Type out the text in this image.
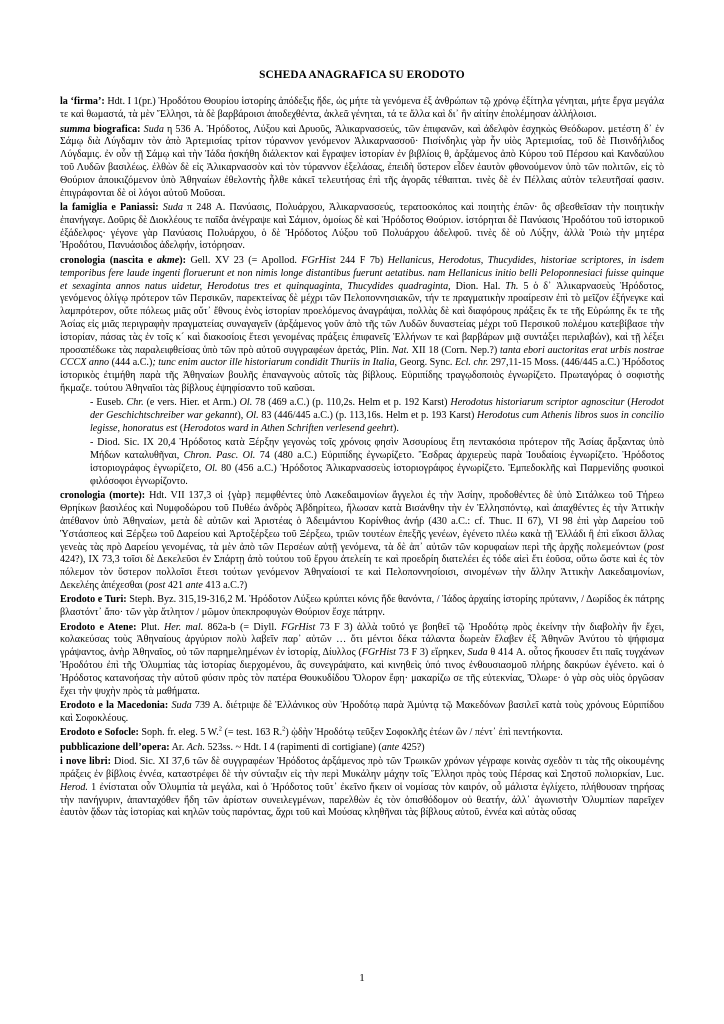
SCHEDA ANAGRAFICA SU ERODOTO

la ‘firma’: Hdt. I 1(pr.) Ἡροδότου Θουρίου ἱστορίης ἀπόδεξις ἥδε, ὡς μήτε τὰ γενόμενα ἐξ ἀνθρώπων τῷ χρόνῳ ἐξίτηλα γένηται, μήτε ἔργα μεγάλα τε καὶ θωμαστά, τὰ μὲν Ἕλλησι, τὰ δὲ βαρβάροισι ἀποδεχθέντα, ἀκλεᾶ γένηται, τά τε ἄλλα καὶ δι᾽ ἣν αἰτίην ἐπολέμησαν ἀλλήλοισι.

summa biografica: Suda η 536 A. Ἡρόδοτος, Λύξου καὶ Δρυοῦς, Ἁλικαρνασσεύς, τῶν ἐπιφανῶν, καὶ ἀδελφὸν ἐσχηκὼς Θεόδωρον. μετέστη δ᾽ ἐν Σάμῳ διὰ Λύγδαμιν τὸν ἀπὸ Ἀρτεμισίας τρίτον τύραννον γενόμενον Ἁλικαρνασσοῦ· Πισίνδηλις γὰρ ἦν υἱὸς Ἀρτεμισίας, τοῦ δὲ Πισινδήλιδος Λύγδαμις. ἐν οὖν τῇ Σάμῳ καὶ τὴν Ἰάδα ἠσκήθη διάλεκτον καὶ ἔγραψεν ἱστορίαν ἐν βιβλίοις θ, ἀρξάμενος ἀπὸ Κύρου τοῦ Πέρσου καὶ Κανδαύλου τοῦ Λυδῶν βασιλέως. ἐλθὼν δὲ εἰς Ἁλικαρνασσὸν καὶ τὸν τύραννον ἐξελάσας, ἐπειδὴ ὕστερον εἶδεν ἑαυτὸν φθονούμενον ὑπὸ τῶν πολιτῶν, εἰς τὸ Θούριον ἀποικιζόμενον ὑπὸ Ἀθηναίων ἐθελοντὴς ἦλθε κἀκεῖ τελευτήσας ἐπὶ τῆς ἀγορᾶς τέθαπται. τινὲς δὲ ἐν Πέλλαις αὐτὸν τελευτῆσαί φασιν. ἐπιγράφονται δὲ οἱ λόγοι αὐτοῦ Μοῦσαι.

la famiglia e Paniassi: Suda π 248 A. Πανύασις, Πολυάρχου, Ἁλικαρνασσεύς, τερατοσκόπος καὶ ποιητὴς ἐπῶν· ὃς σβεσθεῖσαν τὴν ποιητικὴν ἐπανήγαγε. Δοῦρις δὲ Διοκλέους τε παῖδα ἀνέγραψε καὶ Σάμιον, ὁμοίως δὲ καὶ Ἡρόδοτος Θούριον. ἱστόρηται δὲ Πανύασις Ἡροδότου τοῦ ἱστορικοῦ ἐξάδελφος· γέγονε γὰρ Πανύασις Πολυάρχου, ὁ δὲ Ἡρόδοτος Λύξου τοῦ Πολυάρχου ἀδελφοῦ. τινὲς δὲ οὐ Λύξην, ἀλλὰ Ῥοιὼ τὴν μητέρα Ἡροδότου, Πανυάσιδος ἀδελφήν, ἱστόρησαν.

cronologia (nascita e akme): Gell. XV 23 (= Apollod. FGrHist 244 F 7b) Hellanicus, Herodotus, Thucydides, historiae scriptores, in isdem temporibus fere laude ingenti floruerunt et non nimis longe distantibus fuerunt aetatibus. nam Hellanicus initio belli Peloponnesiaci fuisse quinque et sexaginta annos natus uidetur, Herodotus tres et quinquaginta, Thucydides quadraginta, Dion. Hal. Th. 5 ὁ δ᾽ Ἁλικαρνασεὺς Ἡρόδοτος, γενόμενος ὀλίγῳ πρότερον τῶν Περσικῶν, παρεκτείνας δὲ μέχρι τῶν Πελοποννησιακῶν, τήν τε πραγματικὴν προαίρεσιν ἐπὶ τὸ μεῖζον ἐξήνεγκε καὶ λαμπρότερον, οὔτε πόλεως μιᾶς οὔτ᾽ ἔθνους ἑνὸς ἱστορίαν προελόμενος ἀναγράψαι, πολλὰς δὲ καὶ διαφόρους πράξεις ἔκ τε τῆς Εὐρώπης ἔκ τε τῆς Ἀσίας εἰς μιᾶς περιγραφὴν πραγματείας συναγαγεῖν (ἀρξάμενος γοῦν ἀπὸ τῆς τῶν Λυδῶν δυναστείας μέχρι τοῦ Περσικοῦ πολέμου κατεβίβασε τὴν ἱστορίαν, πάσας τὰς ἐν τοῖς κ´ καὶ διακοσίοις ἔτεσι γενομένας πράξεις ἐπιφανεῖς Ἑλλήνων τε καὶ βαρβάρων μιᾷ συντάξει περιλαβών), καὶ τῇ λέξει προσαπέδωκε τὰς παραλειφθείσας ὑπὸ τῶν πρὸ αὐτοῦ συγγραφέων ἀρετάς, Plin. Nat. XII 18 (Corn. Nep.?) tanta ebori auctoritas erat urbis nostrae CCCX anno (444 a.C.); tunc enim auctor ille historiarum condidit Thuriis in Italia, Georg. Sync. Ecl. chr. 297,11-15 Moss. (446/445 a.C.) Ἡρόδοτος ἱστορικὸς ἐτιμήθη παρὰ τῆς Ἀθηναίων βουλῆς ἐπαναγνοὺς αὐτοῖς τὰς βίβλους. Εὐριπίδης τραγῳδοποιὸς ἐγνωρίζετο. Πρωταγόρας ὁ σοφιστὴς ἤκμαζε. τούτου Ἀθηναῖοι τὰς βίβλους ἐψηφίσαντο τοῦ καῦσαι.

- Euseb. Chr. (e vers. Hier. et Arm.) Ol. 78 (469 a.C.) (p. 110,2s. Helm et p. 192 Karst) Herodotus historiarum scriptor agnoscitur (Herodot der Geschichtschreiber war gekannt), Ol. 83 (446/445 a.C.) (p. 113,16s. Helm et p. 193 Karst) Herodotus cum Athenis libros suos in concilio legisse, honoratus est (Herodotos ward in Athen Schriften verlesend geehrt).

- Diod. Sic. IX 20,4 Ἡρόδοτος κατὰ Ξέρξην γεγονὼς τοῖς χρόνοις φησὶν Ἀσσυρίους ἔτη πεντακόσια πρότερον τῆς Ἀσίας ἄρξαντας ὑπὸ Μήδων καταλυθῆναι, Chron. Pasc. Ol. 74 (480 a.C.) Εὐριπίδης ἐγνωρίζετο. Ἔσδρας ἀρχιερεὺς παρὰ Ἰουδαίοις ἐγνωρίζετο. Ἡρόδοτος ἱστοριογράφος ἐγνωρίζετο, Ol. 80 (456 a.C.) Ἡρόδοτος Ἁλικαρνασσεὺς ἱστοριογράφος ἐγνωρίζετο. Ἐμπεδοκλῆς καὶ Παρμενίδης φυσικοὶ φιλόσοφοι ἐγνωρίζοντο.

cronologia (morte): Hdt. VII 137,3 οἱ {γὰρ} πεμφθέντες ὑπὸ Λακεδαιμονίων ἄγγελοι ἐς τὴν Ἀσίην, προδοθέντες δὲ ὑπὸ Σιτάλκεω τοῦ Τήρεω Θρηίκων βασιλέος καὶ Νυμφοδώρου τοῦ Πυθέω ἀνδρὸς Ἀβδηρίτεω, ἥλωσαν κατὰ Βισάνθην τὴν ἐν Ἑλλησπόντῳ, καὶ ἀπαχθέντες ἐς τὴν Ἀττικὴν ἀπέθανον ὑπὸ Ἀθηναίων, μετὰ δὲ αὐτῶν καὶ Ἀριστέας ὁ Ἀδειμάντου Κορίνθιος ἀνήρ (430 a.C.: cf. Thuc. II 67), VI 98 ἐπὶ γὰρ Δαρείου τοῦ Ὑστάσπεος καὶ Ξέρξεω τοῦ Δαρείου καὶ Ἀρτοξέρξεω τοῦ Ξέρξεω, τριῶν τουτέων ἐπεξῆς γενέων, ἐγένετο πλέω κακὰ τῇ Ἑλλάδι ἢ ἐπὶ εἴκοσι ἄλλας γενεὰς τὰς πρὸ Δαρείου γενομένας, τὰ μὲν ἀπὸ τῶν Περσέων αὐτῇ γενόμενα, τὰ δὲ ἀπ᾽ αὐτῶν τῶν κορυφαίων περὶ τῆς ἀρχῆς πολεμεόντων (post 424?), IX 73,3 τοῖσι δὲ Δεκελεῦσι ἐν Σπάρτῃ ἀπὸ τούτου τοῦ ἔργου ἀτελείη τε καὶ προεδρίη διατελέει ἐς τόδε αἰεὶ ἔτι ἐοῦσα, οὕτω ὥστε καὶ ἐς τὸν πόλεμον τὸν ὕστερον πολλοῖσι ἔτεσι τούτων γενόμενον Ἀθηναίοισί τε καὶ Πελοποννησίοισι, σινομένων τὴν ἄλλην Ἀττικὴν Λακεδαιμονίων, Δεκελέης ἀπέχεσθαι (post 421 ante 413 a.C.?)

Erodoto e Turi: Steph. Byz. 315,19-316,2 M. Ἡρόδοτον Λύξεω κρύπτει κόνις ἥδε θανόντα, / Ἰάδος ἀρχαίης ἱστορίης πρύτανιν, / Δωρίδος ἐκ πάτρης βλαστόντ᾽ ἄπο· τῶν γὰρ ἄτλητον / μῶμον ὑπεκπροφυγὼν Θούριον ἔσχε πάτρην.

Erodoto e Atene: Plut. Her. mal. 862a-b (= Diyll. FGrHist 73 F 3) ἀλλὰ τοῦτό γε βοηθεῖ τῷ Ἡροδότῳ πρὸς ἐκείνην τὴν διαβολὴν ἣν ἔχει, κολακεύσας τοὺς Ἀθηναίους ἀργύριον πολὺ λαβεῖν παρ᾽ αὐτῶν … ὅτι μέντοι δέκα τάλαντα δωρεὰν ἔλαβεν ἐξ Ἀθηνῶν Ἀνύτου τὸ ψήφισμα γράψαντος, ἀνὴρ Ἀθηναῖος, οὐ τῶν παρημελημένων ἐν ἱστορίᾳ, Δίυλλος (FGrHist 73 F 3) εἴρηκεν, Suda θ 414 A. οὗτος ἤκουσεν ἔτι παῖς τυγχάνων Ἡροδότου ἐπὶ τῆς Ὀλυμπίας τὰς ἱστορίας διερχομένου, ἃς συνεγράψατο, καὶ κινηθεὶς ὑπό τινος ἐνθουσιασμοῦ πλήρης δακρύων ἐγένετο. καὶ ὁ Ἡρόδοτος κατανοήσας τὴν αὐτοῦ φύσιν πρὸς τὸν πατέρα Θουκυδίδου Ὄλορον ἔφη· μακαρίζω σε τῆς εὐτεκνίας, Ὄλωρε· ὁ γὰρ σὸς υἱὸς ὀργῶσαν ἔχει τὴν ψυχὴν πρὸς τὰ μαθήματα.

Erodoto e la Macedonia: Suda 739 A. διέτριψε δὲ Ἑλλάνικος σὺν Ἡροδότῳ παρὰ Ἀμύντᾳ τῷ Μακεδόνων βασιλεῖ κατὰ τοὺς χρόνους Εὐριπίδου καὶ Σοφοκλέους.

Erodoto e Sofocle: Soph. fr. eleg. 5 W.$^2$ (= test. 163 R.$^2$) ᾠδὴν Ἡροδότῳ τεῦξεν Σοφοκλῆς ἐτέων ὢν / πέντ᾽ ἐπὶ πεντήκοντα.

pubblicazione dell’opera: Ar. Ach. 523ss. ~ Hdt. I 4 (rapimenti di cortigiane) (ante 425?)

i nove libri: Diod. Sic. XI 37,6 τῶν δὲ συγγραφέων Ἡρόδοτος ἀρξάμενος πρὸ τῶν Τρωικῶν χρόνων γέγραφε κοινὰς σχεδὸν τι τὰς τῆς οἰκουμένης πράξεις ἐν βίβλοις ἐννέα, καταστρέφει δὲ τὴν σύνταξιν εἰς τὴν περὶ Μυκάλην μάχην τοῖς Ἕλλησι πρὸς τοὺς Πέρσας καὶ Σηστοῦ πολιορκίαν, Luc. Herod. 1 ἐνίσταται οὖν Ὀλυμπία τὰ μεγάλα, καὶ ὁ Ἡρόδοτος τοῦτ᾽ ἐκεῖνο ἥκειν οἱ νομίσας τὸν καιρόν, οὗ μάλιστα ἐγλίχετο, πλήθουσαν τηρήσας τὴν πανήγυριν, ἁπανταχόθεν ἤδη τῶν ἀρίστων συνειλεγμένων, παρελθὼν ἐς τὸν ὀπισθόδομον οὐ θεατήν, ἀλλ᾽ ἀγωνιστὴν Ὀλυμπίων παρεῖχεν ἑαυτὸν ᾄδων τὰς ἱστορίας καὶ κηλῶν τοὺς παρόντας, ἄχρι τοῦ καὶ Μούσας κληθῆναι τὰς βίβλους αὐτοῦ, ἐννέα καὶ αὐτὰς οὔσας

1
